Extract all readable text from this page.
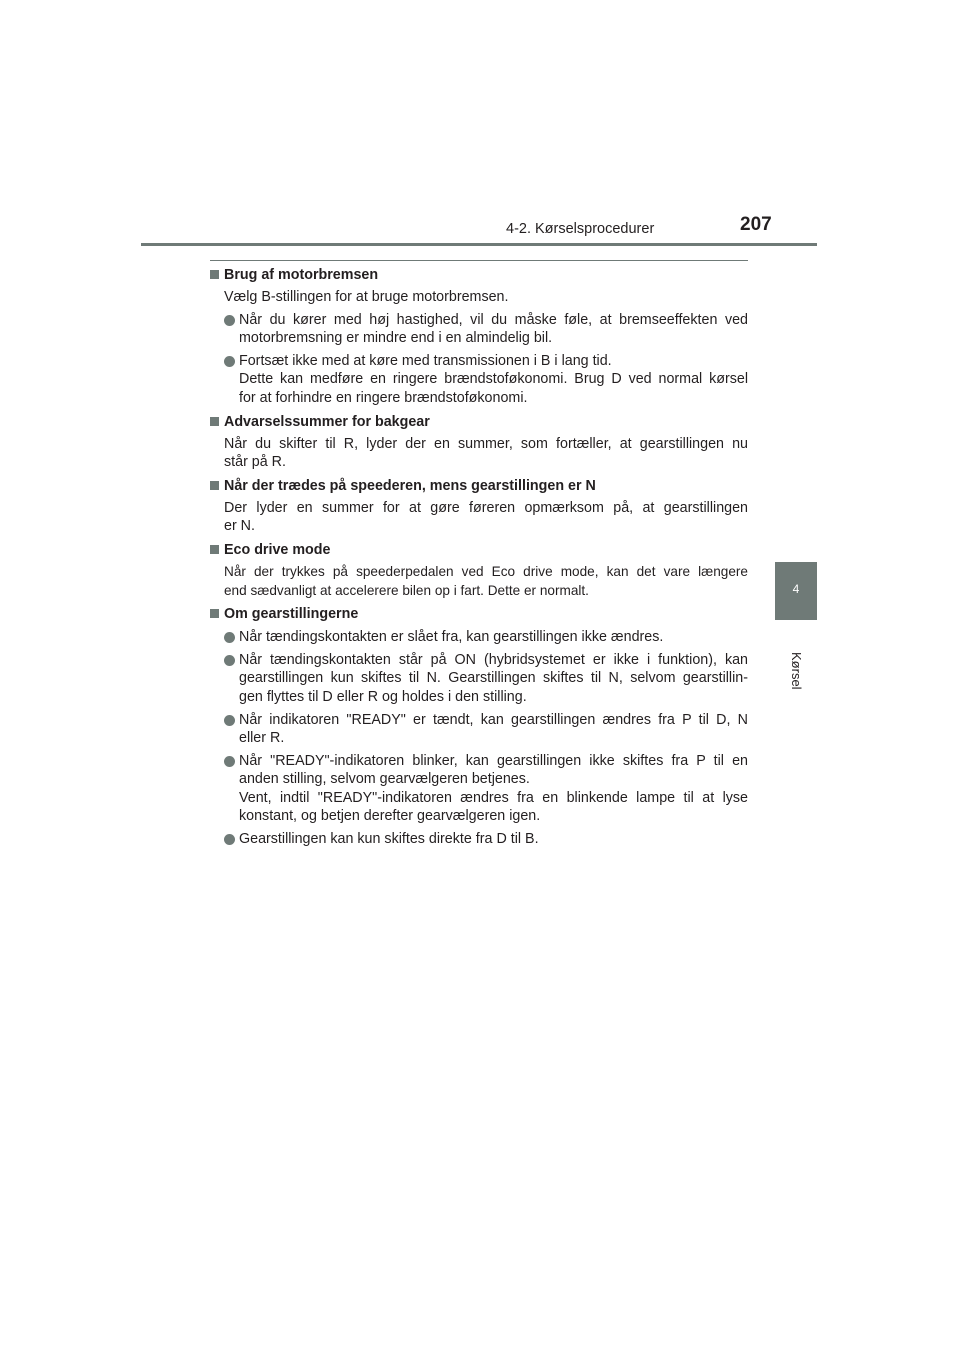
4-2. Kørselsprocedurer	207
4
Kørsel
Brug af motorbremsen
Vælg B-stillingen for at bruge motorbremsen.
Når du kører med høj hastighed, vil du måske føle, at bremseeffekten ved
motorbremsning er mindre end i en almindelig bil.
Fortsæt ikke med at køre med transmissionen i B i lang tid.
Dette kan medføre en ringere brændstoføkonomi. Brug D ved normal kørsel
for at forhindre en ringere brændstoføkonomi.
Advarselssummer for bakgear
Når du skifter til R, lyder der en summer, som fortæller, at gearstillingen nu
står på R.
Når der trædes på speederen, mens gearstillingen er N
Der lyder en summer for at gøre føreren opmærksom på, at gearstillingen
er N.
Eco drive mode
Når der trykkes på speederpedalen ved Eco drive mode, kan det vare længere
end sædvanligt at accelerere bilen op i fart. Dette er normalt.
Om gearstillingerne
Når tændingskontakten er slået fra, kan gearstillingen ikke ændres.
Når tændingskontakten står på ON (hybridsystemet er ikke i funktion), kan
gearstillingen kun skiftes til N. Gearstillingen skiftes til N, selvom gearstillin-
gen flyttes til D eller R og holdes i den stilling.
Når indikatoren "READY" er tændt, kan gearstillingen ændres fra P til D, N
eller R.
Når "READY"-indikatoren blinker, kan gearstillingen ikke skiftes fra P til en
anden stilling, selvom gearvælgeren betjenes.
Vent, indtil "READY"-indikatoren ændres fra en blinkende lampe til at lyse
konstant, og betjen derefter gearvælgeren igen.
Gearstillingen kan kun skiftes direkte fra D til B.
